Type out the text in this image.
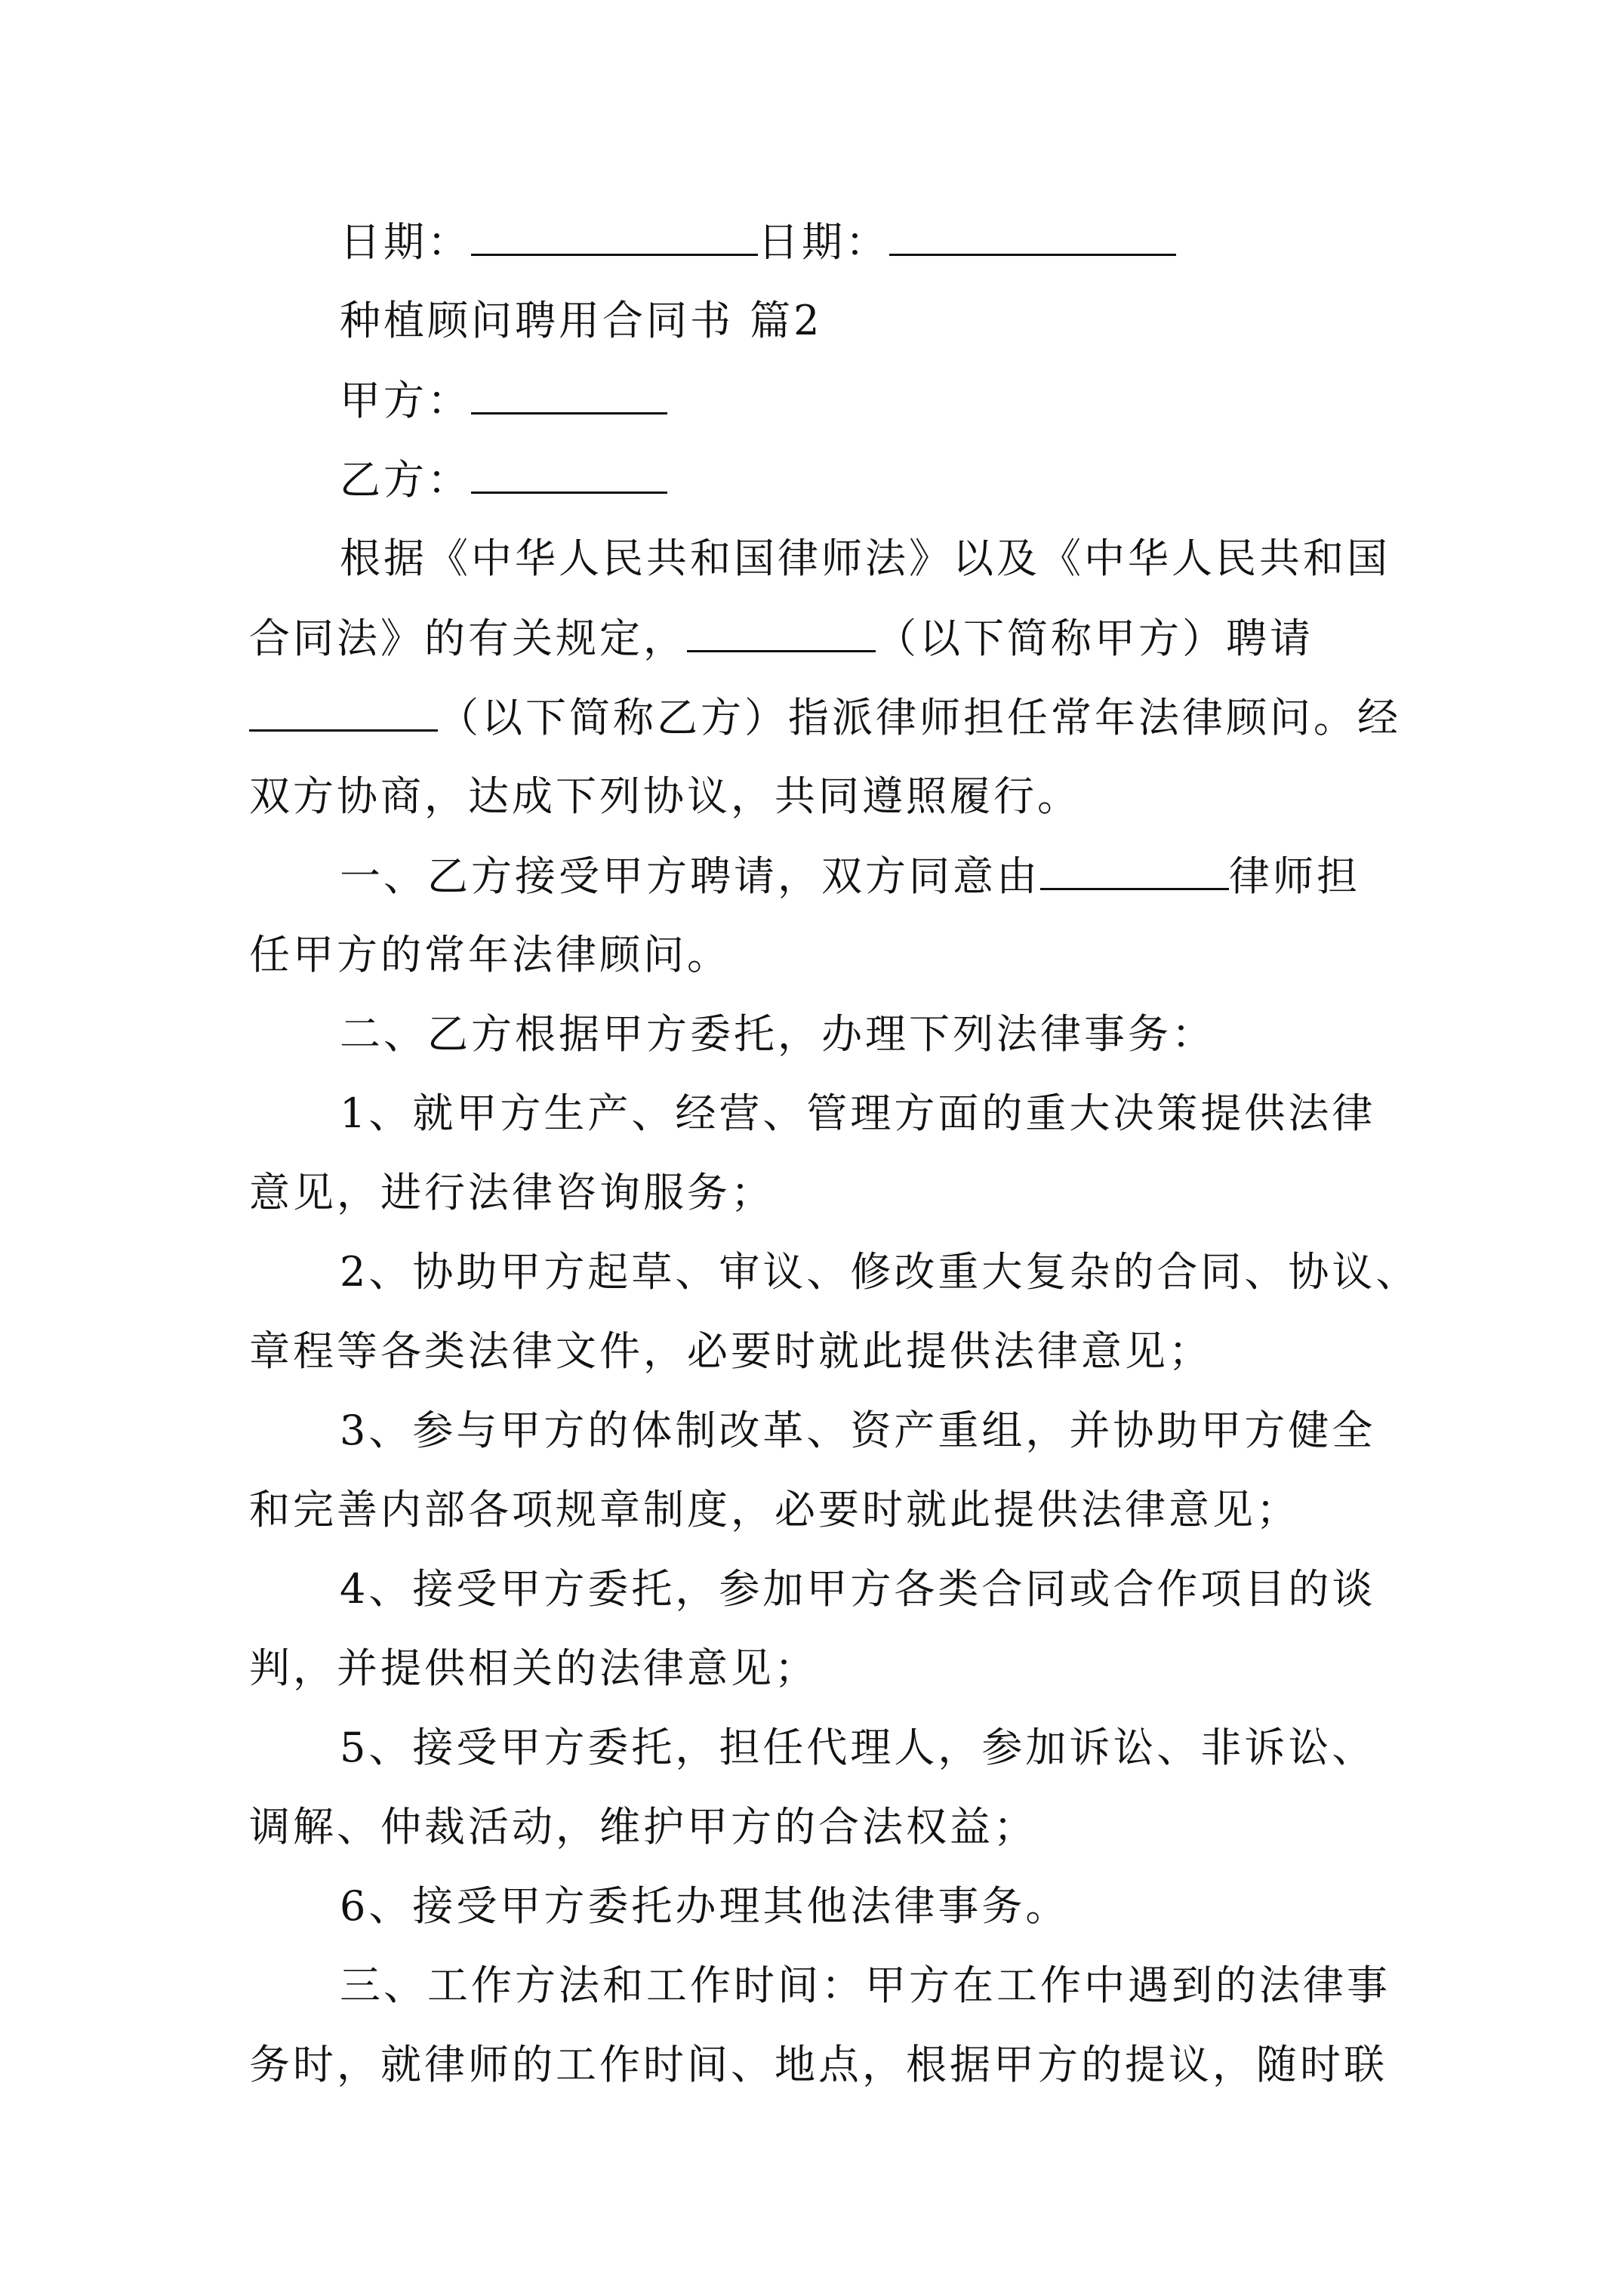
日期：	日期：
种植顾问聘用合同书 篇2
甲方：
乙方：
根据《中华人民共和国律师法》以及《中华人民共和国
合同法》的有关规定，	（以下简称甲方）聘请
（以下简称乙方）指派律师担任常年法律顾问。经
双方协商，达成下列协议，共同遵照履行。
一、乙方接受甲方聘请，双方同意由	律师担
任甲方的常年法律顾问。
二、乙方根据甲方委托，办理下列法律事务：
1、就甲方生产、经营、管理方面的重大决策提供法律
意见，进行法律咨询服务；
2、协助甲方起草、审议、修改重大复杂的合同、协议、
章程等各类法律文件，必要时就此提供法律意见；
3、参与甲方的体制改革、资产重组，并协助甲方健全
和完善内部各项规章制度，必要时就此提供法律意见；
4、接受甲方委托，参加甲方各类合同或合作项目的谈
判，并提供相关的法律意见；
5、接受甲方委托，担任代理人，参加诉讼、非诉讼、
调解、仲裁活动，维护甲方的合法权益；
6、接受甲方委托办理其他法律事务。
三、工作方法和工作时间：甲方在工作中遇到的法律事
务时，就律师的工作时间、地点，根据甲方的提议，随时联
